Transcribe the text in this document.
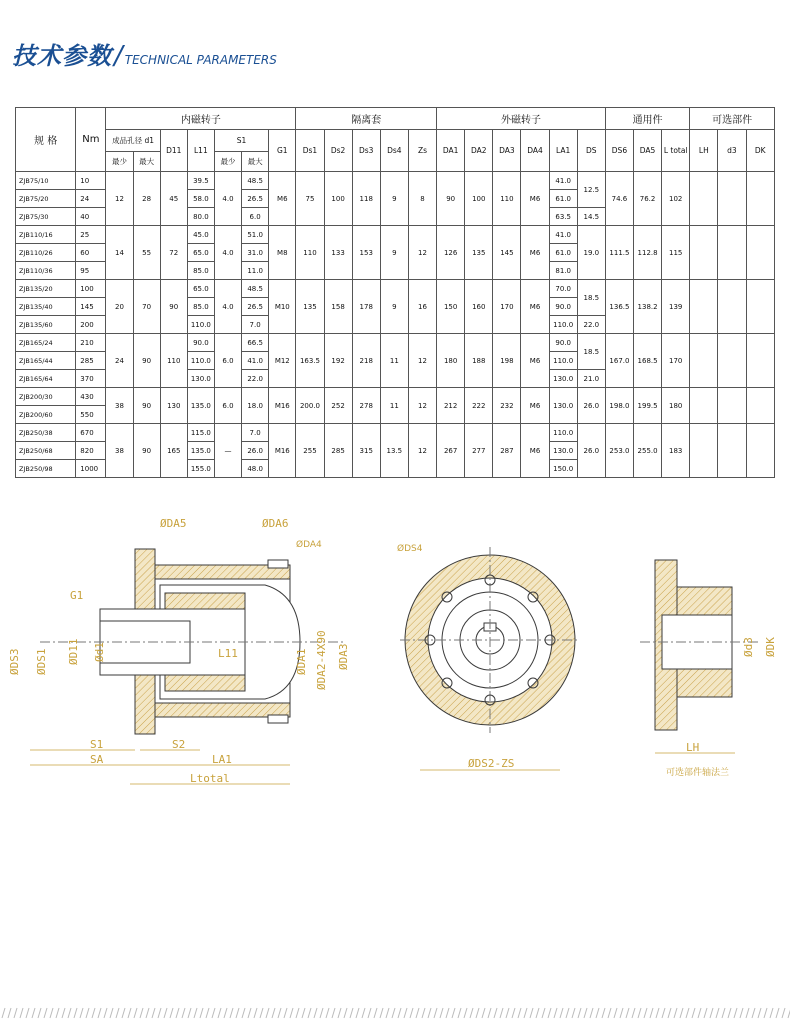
技术参数 / TECHNICAL PARAMETERS
规 格	Nm	内磁转子							隔离套					外磁转子						通用件			可选部件		
		成品孔径 d1		D11	L11	S1		G1	Ds1	Ds2	Ds3	Ds4	Zs	DA1	DA2	DA3	DA4	LA1	DS	DS6	DA5	L total	LH	d3	DK
		最少	最大			最少	最大																		
ZJB75/10	10	12	28	45	39.5	4.0	48.5	M6	75	100	118	9	8	90	100	110	M6	41.0	12.5	74.6	76.2	102			
ZJB75/20	24				58.0		26.5											61.0							
ZJB75/30	40				80.0		6.0											63.5	14.5						
ZJB110/16	25	14	55	72	45.0	4.0	51.0	M8	110	133	153	9	12	126	135	145	M6	41.0	19.0	111.5	112.8	115			
ZJB110/26	60				65.0		31.0											61.0							
ZJB110/36	95				85.0		11.0											81.0							
ZJB135/20	100	20	70	90	65.0	4.0	48.5	M10	135	158	178	9	16	150	160	170	M6	70.0	18.5	136.5	138.2	139			
ZJB135/40	145				85.0		26.5											90.0							
ZJB135/60	200				110.0		7.0											110.0	22.0						
ZJB165/24	210	24	90	110	90.0	6.0	66.5	M12	163.5	192	218	11	12	180	188	198	M6	90.0	18.5	167.0	168.5	170			
ZJB165/44	285				110.0		41.0											110.0							
ZJB165/64	370				130.0		22.0											130.0	21.0						
ZJB200/30	430	38	90	130	135.0	6.0	18.0	M16	200.0	252	278	11	12	212	222	232	M6	130.0	26.0	198.0	199.5	180			
ZJB200/60	550																								
ZJB250/38	670	38	90	165	115.0	—	7.0	M16	255	285	315	13.5	12	267	277	287	M6	110.0	26.0	253.0	255.0	183			
ZJB250/68	820				135.0		26.0											130.0							
ZJB250/98	1000				155.0		48.0											150.0							
ØDA5	ØDA6
ØDA4
G1
ØDS3 ØDS1 ØD11 Ød1	L11	ØDA1 ØDA2-4X90 ØDA3
S1	S2
SA	LA1
Ltotal
ØDS4
ØDS2-ZS
Ød3 ØDK
LH
可选部件轴法兰
